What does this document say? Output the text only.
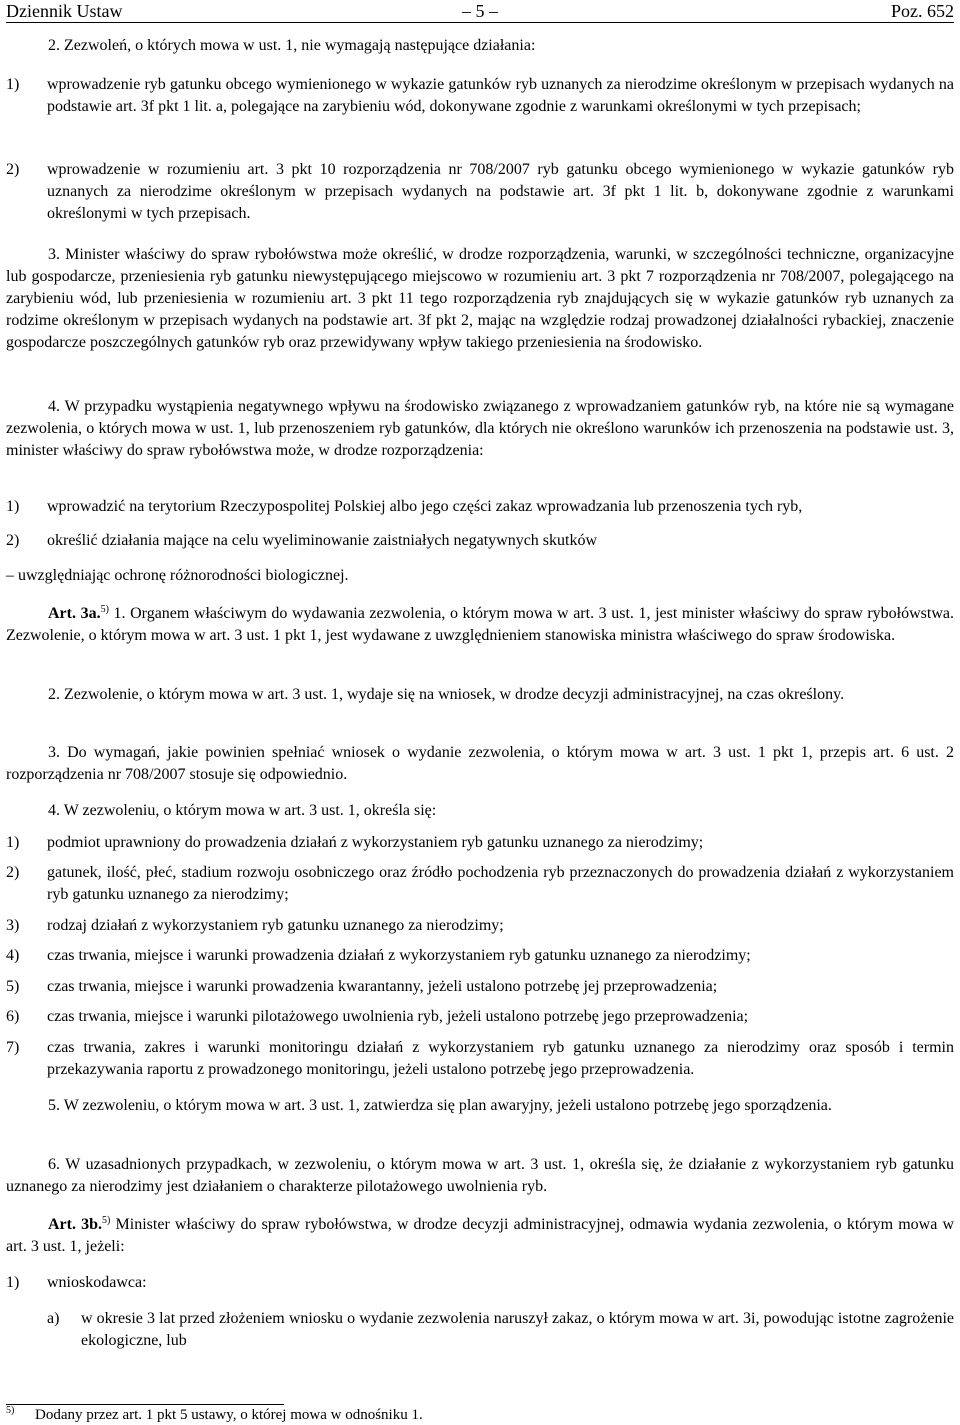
Dziennik Ustaw	– 5 –	Poz. 652
2. Zezwoleń, o których mowa w ust. 1, nie wymagają następujące działania:
1) wprowadzenie ryb gatunku obcego wymienionego w wykazie gatunków ryb uznanych za nierodzime określonym w przepisach wydanych na podstawie art. 3f pkt 1 lit. a, polegające na zarybieniu wód, dokonywane zgodnie z warunkami określonymi w tych przepisach;
2) wprowadzenie w rozumieniu art. 3 pkt 10 rozporządzenia nr 708/2007 ryb gatunku obcego wymienionego w wykazie gatunków ryb uznanych za nierodzime określonym w przepisach wydanych na podstawie art. 3f pkt 1 lit. b, dokonywane zgodnie z warunkami określonymi w tych przepisach.
3. Minister właściwy do spraw rybołówstwa może określić, w drodze rozporządzenia, warunki, w szczególności techniczne, organizacyjne lub gospodarcze, przeniesienia ryb gatunku niewystępującego miejscowo w rozumieniu art. 3 pkt 7 rozporządzenia nr 708/2007, polegającego na zarybieniu wód, lub przeniesienia w rozumieniu art. 3 pkt 11 tego rozporządzenia ryb znajdujących się w wykazie gatunków ryb uznanych za rodzime określonym w przepisach wydanych na podstawie art. 3f pkt 2, mając na względzie rodzaj prowadzonej działalności rybackiej, znaczenie gospodarcze poszczególnych gatunków ryb oraz przewidywany wpływ takiego przeniesienia na środowisko.
4. W przypadku wystąpienia negatywnego wpływu na środowisko związanego z wprowadzaniem gatunków ryb, na które nie są wymagane zezwolenia, o których mowa w ust. 1, lub przenoszeniem ryb gatunków, dla których nie określono warunków ich przenoszenia na podstawie ust. 3, minister właściwy do spraw rybołówstwa może, w drodze rozporządzenia:
1) wprowadzić na terytorium Rzeczypospolitej Polskiej albo jego części zakaz wprowadzania lub przenoszenia tych ryb,
2) określić działania mające na celu wyeliminowanie zaistniałych negatywnych skutków
– uwzględniając ochronę różnorodności biologicznej.
Art. 3a.$^{5)}$ 1. Organem właściwym do wydawania zezwolenia, o którym mowa w art. 3 ust. 1, jest minister właściwy do spraw rybołówstwa. Zezwolenie, o którym mowa w art. 3 ust. 1 pkt 1, jest wydawane z uwzględnieniem stanowiska ministra właściwego do spraw środowiska.
2. Zezwolenie, o którym mowa w art. 3 ust. 1, wydaje się na wniosek, w drodze decyzji administracyjnej, na czas określony.
3. Do wymagań, jakie powinien spełniać wniosek o wydanie zezwolenia, o którym mowa w art. 3 ust. 1 pkt 1, przepis art. 6 ust. 2 rozporządzenia nr 708/2007 stosuje się odpowiednio.
4. W zezwoleniu, o którym mowa w art. 3 ust. 1, określa się:
1) podmiot uprawniony do prowadzenia działań z wykorzystaniem ryb gatunku uznanego za nierodzimy;
2) gatunek, ilość, płeć, stadium rozwoju osobniczego oraz źródło pochodzenia ryb przeznaczonych do prowadzenia działań z wykorzystaniem ryb gatunku uznanego za nierodzimy;
3) rodzaj działań z wykorzystaniem ryb gatunku uznanego za nierodzimy;
4) czas trwania, miejsce i warunki prowadzenia działań z wykorzystaniem ryb gatunku uznanego za nierodzimy;
5) czas trwania, miejsce i warunki prowadzenia kwarantanny, jeżeli ustalono potrzebę jej przeprowadzenia;
6) czas trwania, miejsce i warunki pilotażowego uwolnienia ryb, jeżeli ustalono potrzebę jego przeprowadzenia;
7) czas trwania, zakres i warunki monitoringu działań z wykorzystaniem ryb gatunku uznanego za nierodzimy oraz sposób i termin przekazywania raportu z prowadzonego monitoringu, jeżeli ustalono potrzebę jego przeprowadzenia.
5. W zezwoleniu, o którym mowa w art. 3 ust. 1, zatwierdza się plan awaryjny, jeżeli ustalono potrzebę jego sporządzenia.
6. W uzasadnionych przypadkach, w zezwoleniu, o którym mowa w art. 3 ust. 1, określa się, że działanie z wykorzystaniem ryb gatunku uznanego za nierodzimy jest działaniem o charakterze pilotażowego uwolnienia ryb.
Art. 3b.$^{5)}$ Minister właściwy do spraw rybołówstwa, w drodze decyzji administracyjnej, odmawia wydania zezwolenia, o którym mowa w art. 3 ust. 1, jeżeli:
1) wnioskodawca:
a) w okresie 3 lat przed złożeniem wniosku o wydanie zezwolenia naruszył zakaz, o którym mowa w art. 3i, powodując istotne zagrożenie ekologiczne, lub
5) Dodany przez art. 1 pkt 5 ustawy, o której mowa w odnośniku 1.
